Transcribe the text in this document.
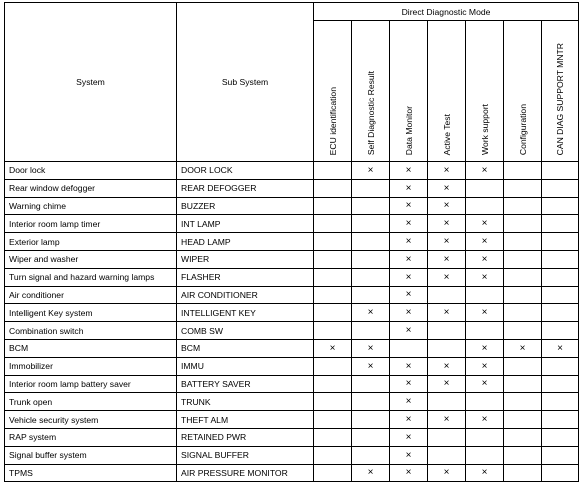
System	Sub System	Direct Diagnostic Mode						

		ECU identification	Self Diagnostic Result	Data Monitor	Active Test	Work support	Configuration	CAN DIAG SUPPORT MNTR

Door lock	DOOR LOCK		×	×	×	×		
Rear window defogger	REAR DEFOGGER			×	×			
Warning chime	BUZZER			×	×			
Interior room lamp timer	INT LAMP			×	×	×		
Exterior lamp	HEAD LAMP			×	×	×		
Wiper and washer	WIPER			×	×	×		
Turn signal and hazard warning lamps	FLASHER			×	×	×		
Air conditioner	AIR CONDITIONER			×				
Intelligent Key system	INTELLIGENT KEY		×	×	×	×		
Combination switch	COMB SW			×				
BCM	BCM	×	×			×	×	×
Immobilizer	IMMU		×	×	×	×		
Interior room lamp battery saver	BATTERY SAVER			×	×	×		
Trunk open	TRUNK			×				
Vehicle security system	THEFT ALM			×	×	×		
RAP system	RETAINED PWR			×				
Signal buffer system	SIGNAL BUFFER			×				
TPMS	AIR PRESSURE MONITOR		×	×	×	×		
